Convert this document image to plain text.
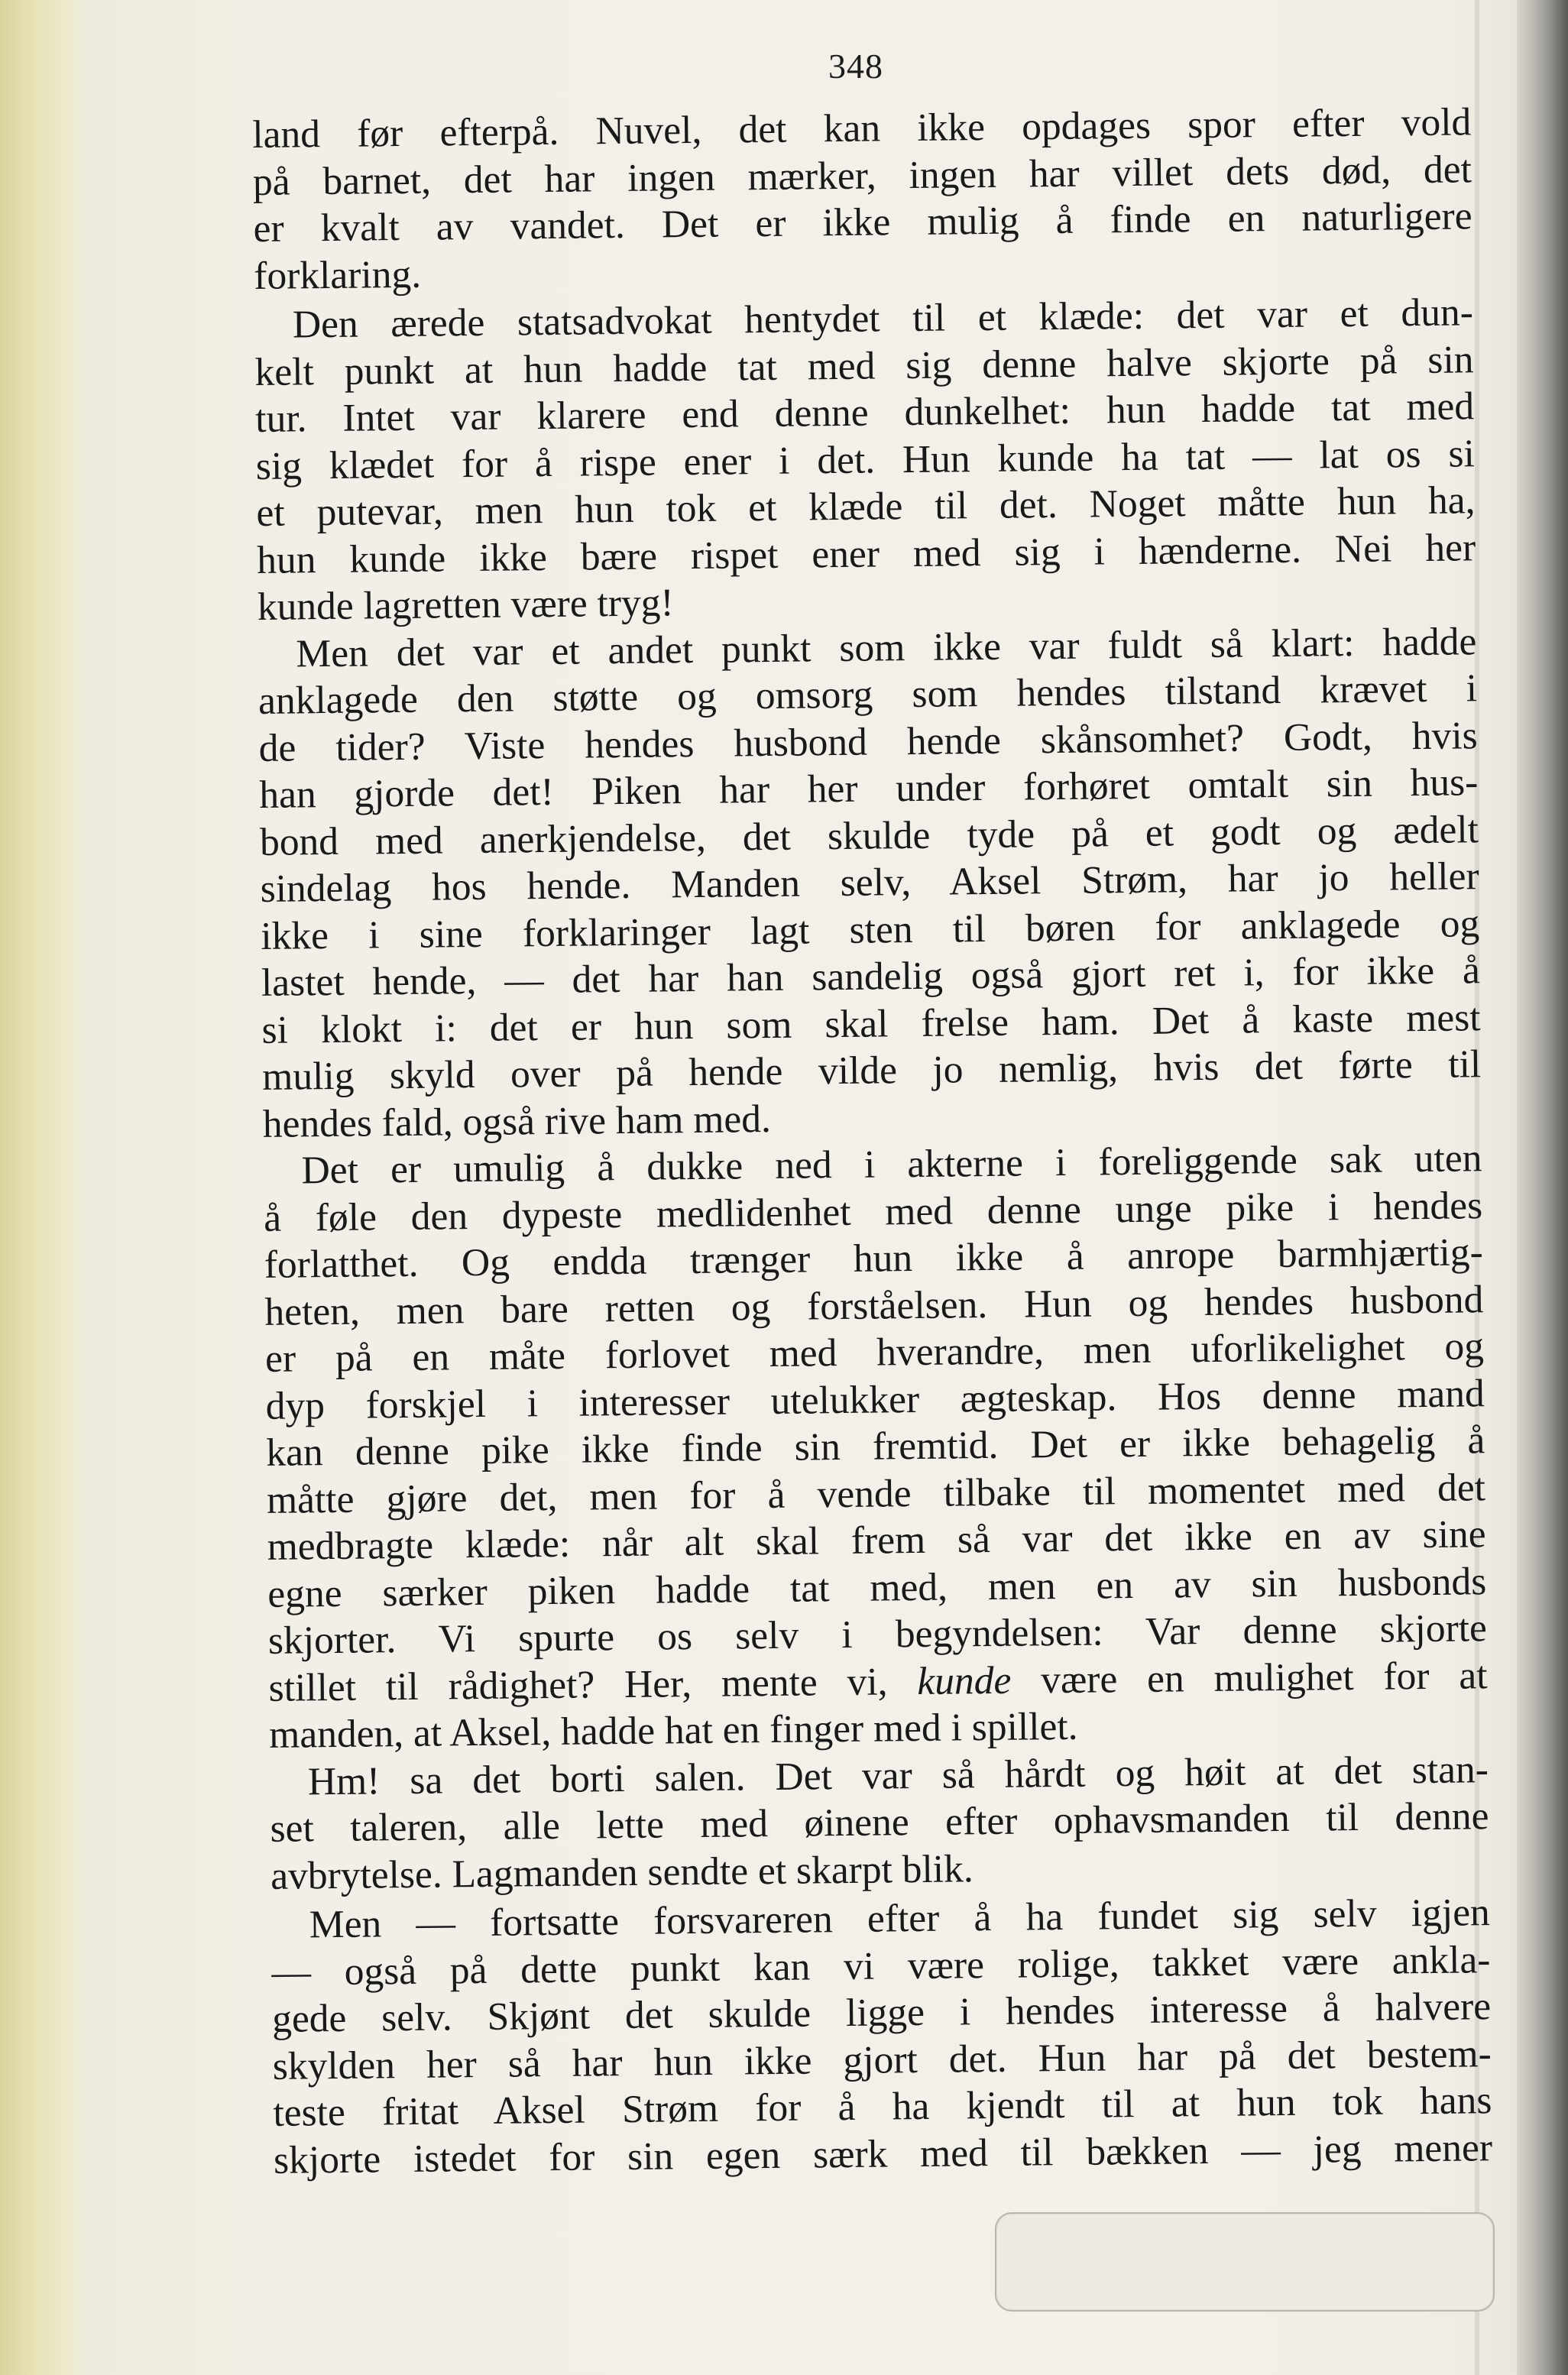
348
land før efterpå. Nuvel, det kan ikke opdages spor efter vold
på barnet, det har ingen mærker, ingen har villet dets død, det
er kvalt av vandet. Det er ikke mulig å finde en naturligere
forklaring.
Den ærede statsadvokat hentydet til et klæde: det var et dun-
kelt punkt at hun hadde tat med sig denne halve skjorte på sin
tur. Intet var klarere end denne dunkelhet: hun hadde tat med
sig klædet for å rispe ener i det. Hun kunde ha tat — lat os si
et putevar, men hun tok et klæde til det. Noget måtte hun ha,
hun kunde ikke bære rispet ener med sig i hænderne. Nei her
kunde lagretten være tryg!
Men det var et andet punkt som ikke var fuldt så klart: hadde
anklagede den støtte og omsorg som hendes tilstand krævet i
de tider? Viste hendes husbond hende skånsomhet? Godt, hvis
han gjorde det! Piken har her under forhøret omtalt sin hus-
bond med anerkjendelse, det skulde tyde på et godt og ædelt
sindelag hos hende. Manden selv, Aksel Strøm, har jo heller
ikke i sine forklaringer lagt sten til børen for anklagede og
lastet hende, — det har han sandelig også gjort ret i, for ikke å
si klokt i: det er hun som skal frelse ham. Det å kaste mest
mulig skyld over på hende vilde jo nemlig, hvis det førte til
hendes fald, også rive ham med.
Det er umulig å dukke ned i akterne i foreliggende sak uten
å føle den dypeste medlidenhet med denne unge pike i hendes
forlatthet. Og endda trænger hun ikke å anrope barmhjærtig-
heten, men bare retten og forståelsen. Hun og hendes husbond
er på en måte forlovet med hverandre, men uforlikelighet og
dyp forskjel i interesser utelukker ægteskap. Hos denne mand
kan denne pike ikke finde sin fremtid. Det er ikke behagelig å
måtte gjøre det, men for å vende tilbake til momentet med det
medbragte klæde: når alt skal frem så var det ikke en av sine
egne særker piken hadde tat med, men en av sin husbonds
skjorter. Vi spurte os selv i begyndelsen: Var denne skjorte
stillet til rådighet? Her, mente vi, kunde være en mulighet for at
manden, at Aksel, hadde hat en finger med i spillet.
Hm! sa det borti salen. Det var så hårdt og høit at det stan-
set taleren, alle lette med øinene efter ophavsmanden til denne
avbrytelse. Lagmanden sendte et skarpt blik.
Men — fortsatte forsvareren efter å ha fundet sig selv igjen
— også på dette punkt kan vi være rolige, takket være ankla-
gede selv. Skjønt det skulde ligge i hendes interesse å halvere
skylden her så har hun ikke gjort det. Hun har på det bestem-
teste fritat Aksel Strøm for å ha kjendt til at hun tok hans
skjorte istedet for sin egen særk med til bækken — jeg mener
